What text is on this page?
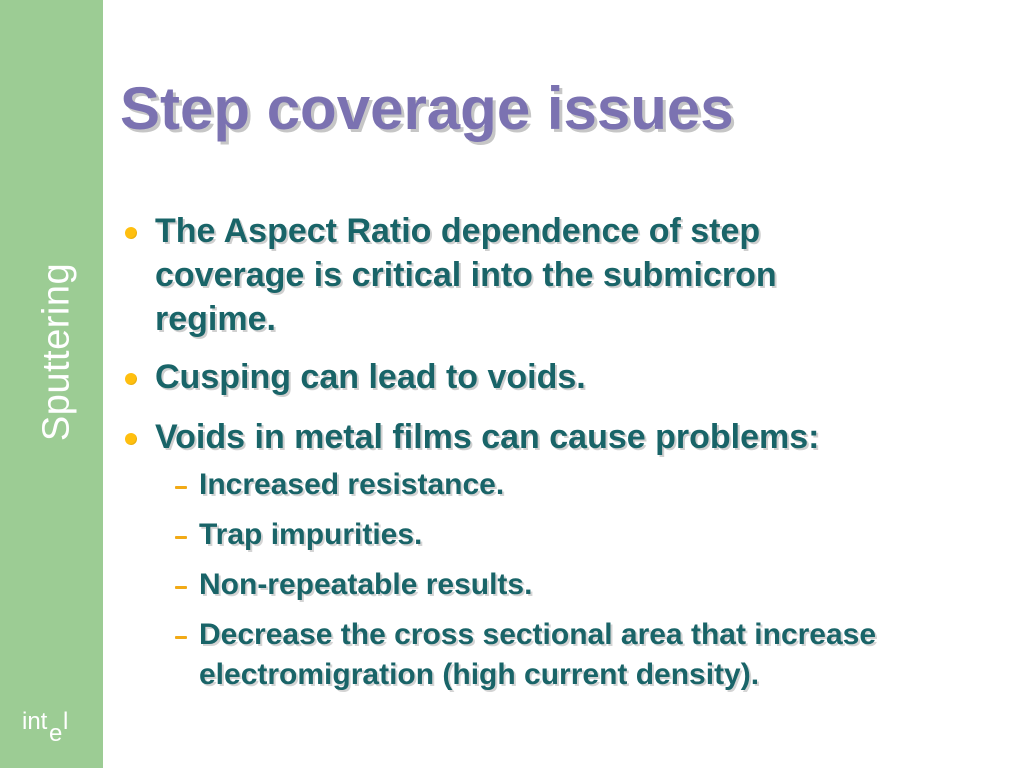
Sputtering
int e l
Step coverage issues
The Aspect Ratio dependence of step
coverage is critical into the submicron
regime.
Cusping can lead to voids.
Voids in metal films can cause problems:
Increased resistance.
Trap impurities.
Non-repeatable results.
Decrease the cross sectional area that increase
electromigration (high current density).
